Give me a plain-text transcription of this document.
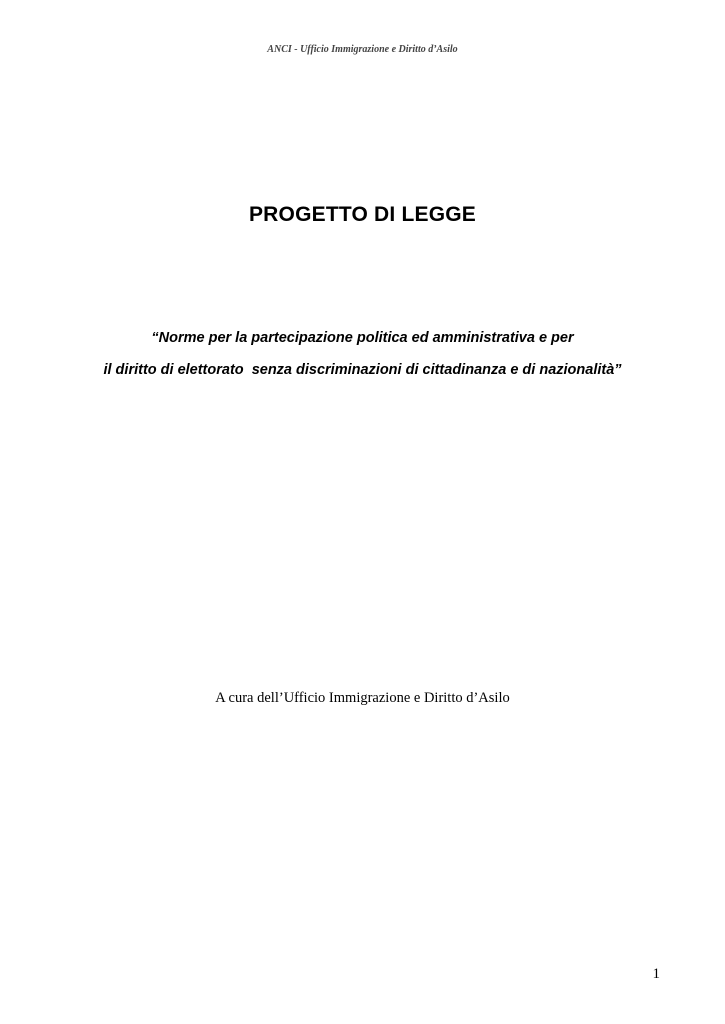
ANCI - Ufficio Immigrazione e Diritto d’Asilo
PROGETTO DI LEGGE
“Norme per la partecipazione politica ed amministrativa e per
il diritto di elettorato  senza discriminazioni di cittadinanza e di nazionalità”
A cura dell’Ufficio Immigrazione e Diritto d’Asilo
1
